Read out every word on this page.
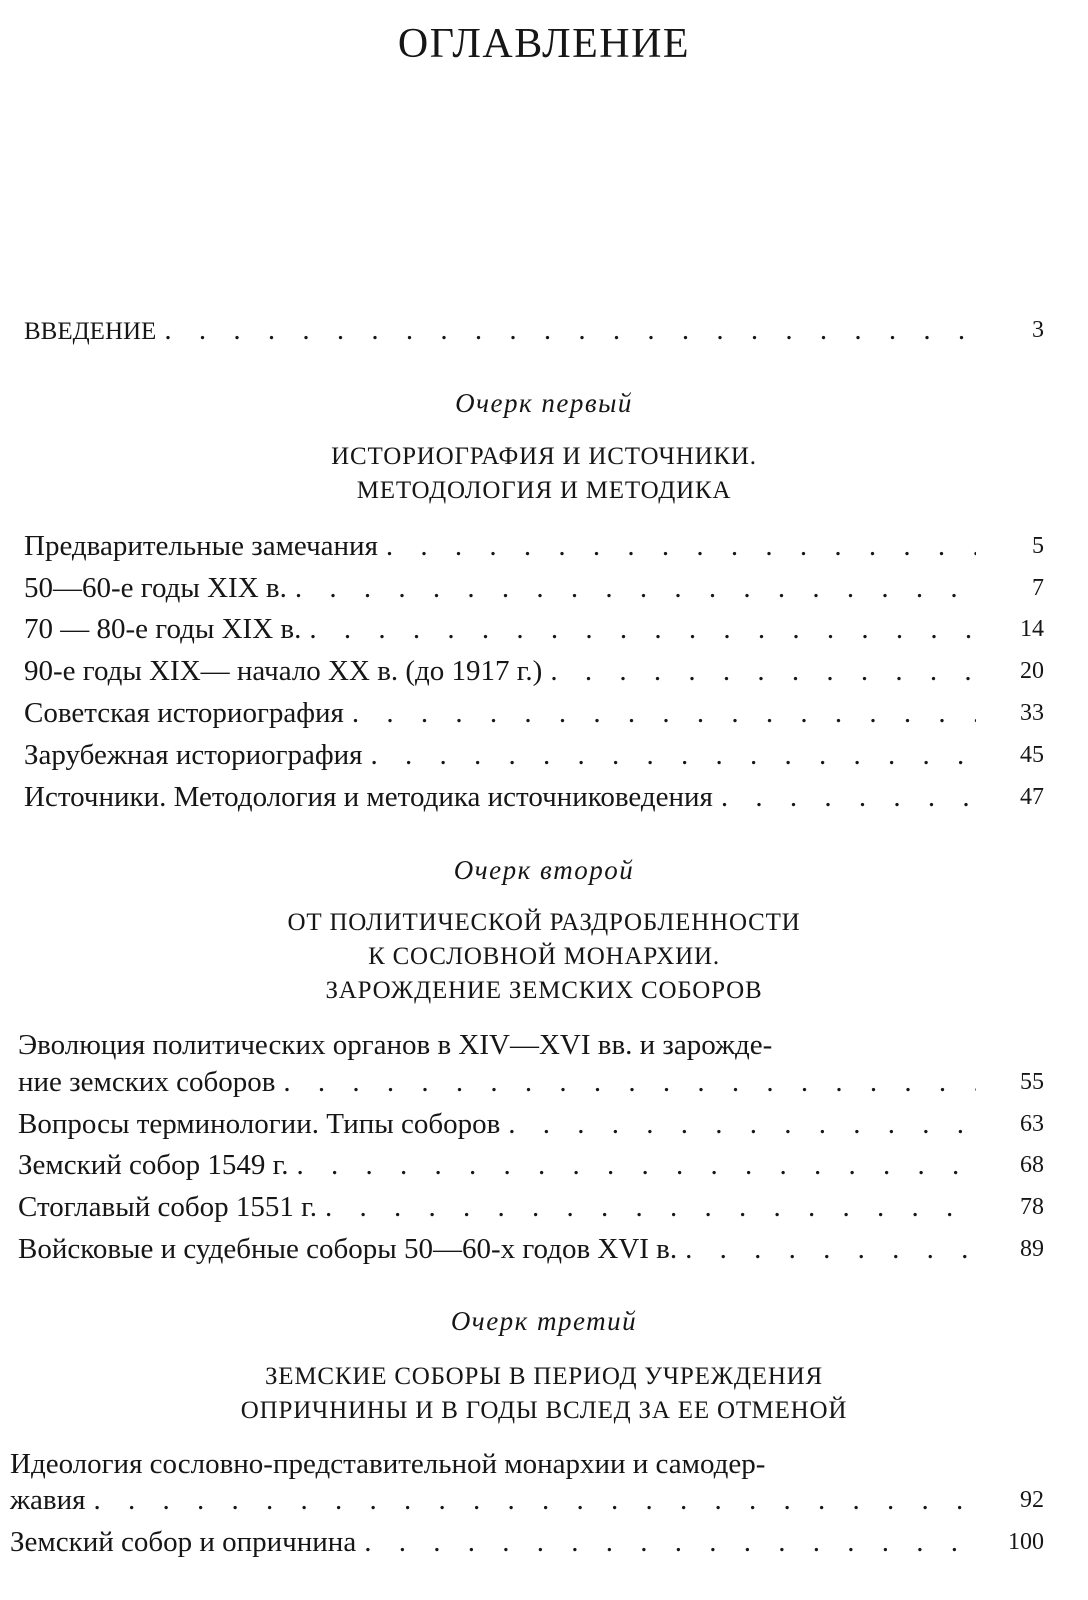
ОГЛАВЛЕНИЕ
ВВЕДЕНИЕ . . .	3
Очерк первый
ИСТОРИОГРАФИЯ И ИСТОЧНИКИ.
МЕТОДОЛОГИЯ И МЕТОДИКА
Предварительные замечания . . .	5
50—60-е годы XIX в. . . .	7
70 — 80-е годы XIX в. . . .	14
90-е годы XIX— начало XX в. (до 1917 г.) . . .	20
Советская историография . . .	33
Зарубежная историография . . .	45
Источники. Методология и методика источниковедения . . .	47
Очерк второй
ОТ ПОЛИТИЧЕСКОЙ РАЗДРОБЛЕННОСТИ
К СОСЛОВНОЙ МОНАРХИИ.
ЗАРОЖДЕНИЕ ЗЕМСКИХ СОБОРОВ
Эволюция политических органов в XIV—XVI вв. и зарожде-
ние земских соборов . . .	55
Вопросы терминологии. Типы соборов . . .	63
Земский собор 1549 г. . . .	68
Стоглавый собор 1551 г. . . .	78
Войсковые и судебные соборы 50—60-х годов XVI в. . . .	89
Очерк третий
ЗЕМСКИЕ СОБОРЫ В ПЕРИОД УЧРЕЖДЕНИЯ
ОПРИЧНИНЫ И В ГОДЫ ВСЛЕД ЗА ЕЕ ОТМЕНОЙ
Идеология сословно-представительной монархии и самодер-
жавия . . .	92
Земский собор и опричнина . . .	100
